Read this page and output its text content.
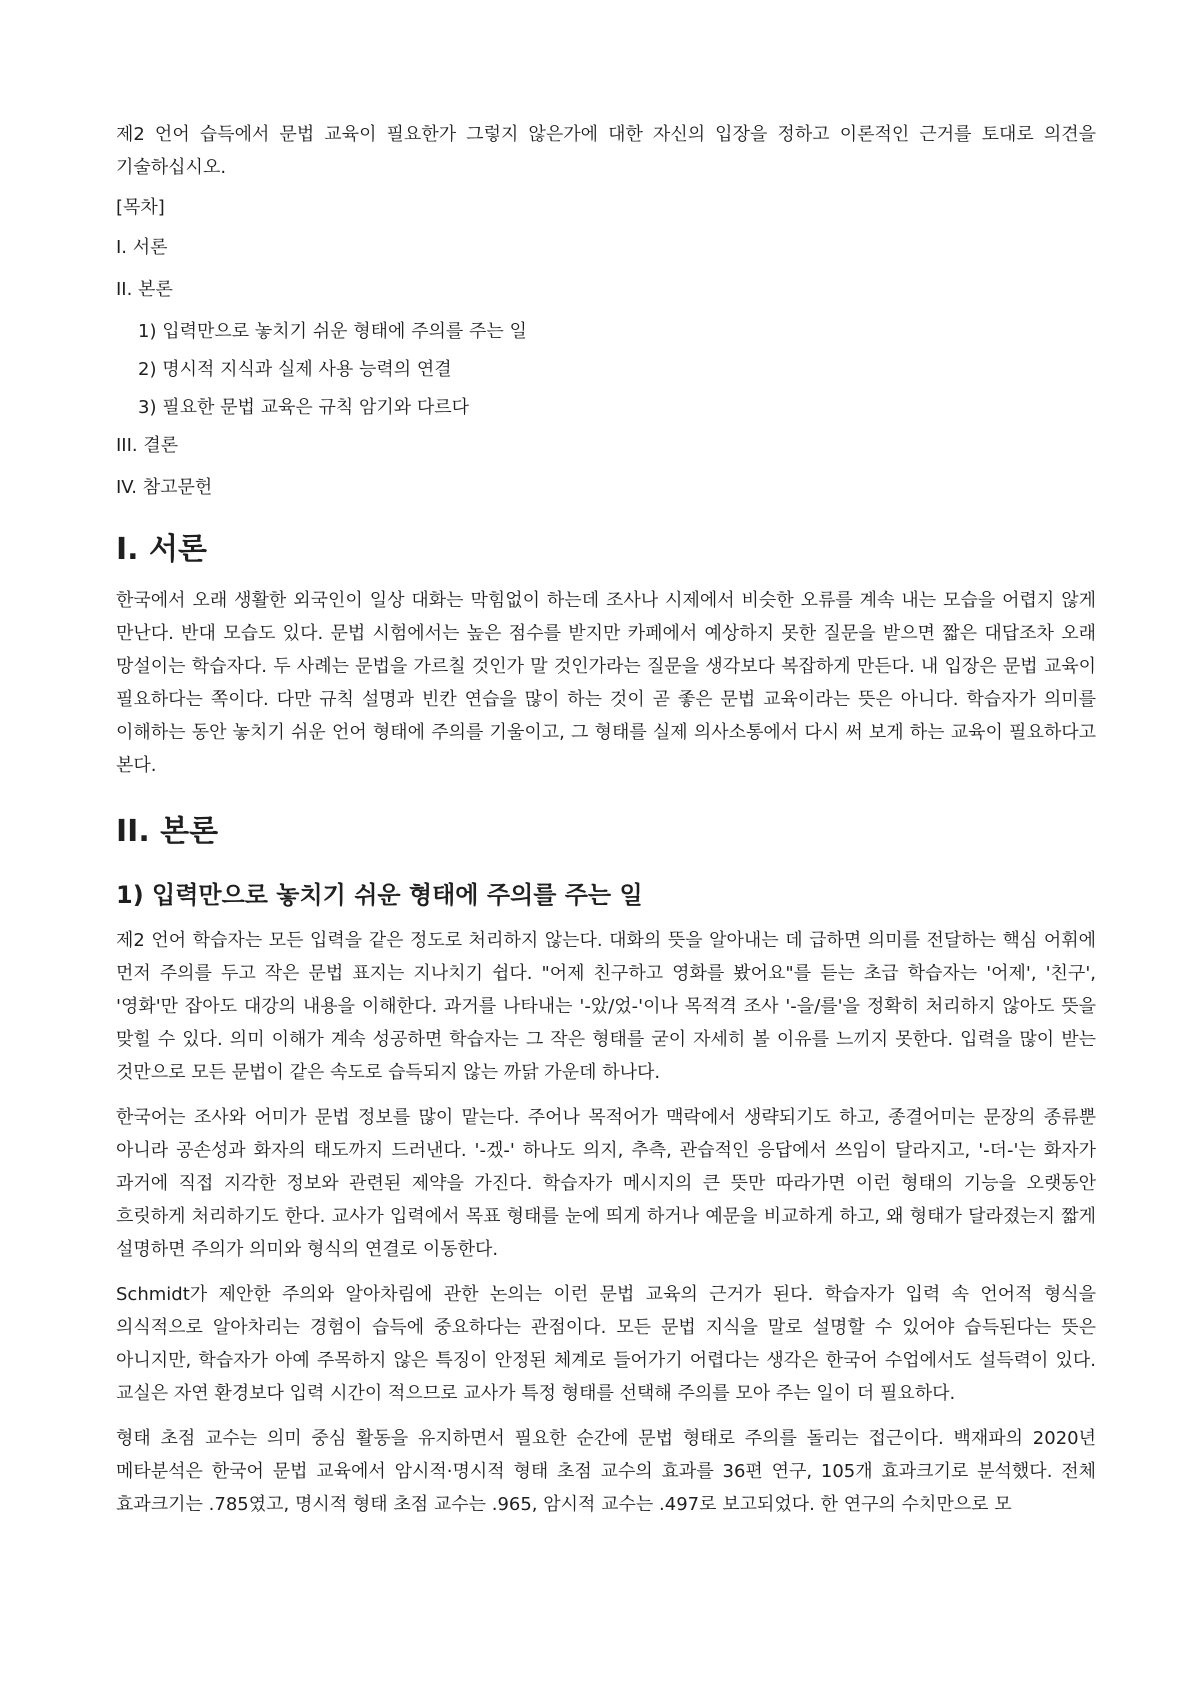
제2 언어 습득에서 문법 교육이 필요한가 그렇지 않은가에 대한 자신의 입장을 정하고 이론적인 근거를 토대로 의견을 기술하십시오.

[목차]
I. 서론
II. 본론
1) 입력만으로 놓치기 쉬운 형태에 주의를 주는 일
2) 명시적 지식과 실제 사용 능력의 연결
3) 필요한 문법 교육은 규칙 암기와 다르다
III. 결론
IV. 참고문헌
I. 서론

한국에서 오래 생활한 외국인이 일상 대화는 막힘없이 하는데 조사나 시제에서 비슷한 오류를 계속 내는 모습을 어렵지 않게 만난다. 반대 모습도 있다. 문법 시험에서는 높은 점수를 받지만 카페에서 예상하지 못한 질문을 받으면 짧은 대답조차 오래 망설이는 학습자다. 두 사례는 문법을 가르칠 것인가 말 것인가라는 질문을 생각보다 복잡하게 만든다. 내 입장은 문법 교육이 필요하다는 쪽이다. 다만 규칙 설명과 빈칸 연습을 많이 하는 것이 곧 좋은 문법 교육이라는 뜻은 아니다. 학습자가 의미를 이해하는 동안 놓치기 쉬운 언어 형태에 주의를 기울이고, 그 형태를 실제 의사소통에서 다시 써 보게 하는 교육이 필요하다고 본다.

II. 본론
1) 입력만으로 놓치기 쉬운 형태에 주의를 주는 일

제2 언어 학습자는 모든 입력을 같은 정도로 처리하지 않는다. 대화의 뜻을 알아내는 데 급하면 의미를 전달하는 핵심 어휘에 먼저 주의를 두고 작은 문법 표지는 지나치기 쉽다. "어제 친구하고 영화를 봤어요"를 듣는 초급 학습자는 '어제', '친구', '영화'만 잡아도 대강의 내용을 이해한다. 과거를 나타내는 '-았/었-'이나 목적격 조사 '-을/를'을 정확히 처리하지 않아도 뜻을 맞힐 수 있다. 의미 이해가 계속 성공하면 학습자는 그 작은 형태를 굳이 자세히 볼 이유를 느끼지 못한다. 입력을 많이 받는 것만으로 모든 문법이 같은 속도로 습득되지 않는 까닭 가운데 하나다.

한국어는 조사와 어미가 문법 정보를 많이 맡는다. 주어나 목적어가 맥락에서 생략되기도 하고, 종결어미는 문장의 종류뿐 아니라 공손성과 화자의 태도까지 드러낸다. '-겠-' 하나도 의지, 추측, 관습적인 응답에서 쓰임이 달라지고, '-더-'는 화자가 과거에 직접 지각한 정보와 관련된 제약을 가진다. 학습자가 메시지의 큰 뜻만 따라가면 이런 형태의 기능을 오랫동안 흐릿하게 처리하기도 한다. 교사가 입력에서 목표 형태를 눈에 띄게 하거나 예문을 비교하게 하고, 왜 형태가 달라졌는지 짧게 설명하면 주의가 의미와 형식의 연결로 이동한다.

Schmidt가 제안한 주의와 알아차림에 관한 논의는 이런 문법 교육의 근거가 된다. 학습자가 입력 속 언어적 형식을 의식적으로 알아차리는 경험이 습득에 중요하다는 관점이다. 모든 문법 지식을 말로 설명할 수 있어야 습득된다는 뜻은 아니지만, 학습자가 아예 주목하지 않은 특징이 안정된 체계로 들어가기 어렵다는 생각은 한국어 수업에서도 설득력이 있다. 교실은 자연 환경보다 입력 시간이 적으므로 교사가 특정 형태를 선택해 주의를 모아 주는 일이 더 필요하다.

형태 초점 교수는 의미 중심 활동을 유지하면서 필요한 순간에 문법 형태로 주의를 돌리는 접근이다. 백재파의 2020년 메타분석은 한국어 문법 교육에서 암시적·명시적 형태 초점 교수의 효과를 36편 연구, 105개 효과크기로 분석했다. 전체 효과크기는 .785였고, 명시적 형태 초점 교수는 .965, 암시적 교수는 .497로 보고되었다. 한 연구의 수치만으로 모
